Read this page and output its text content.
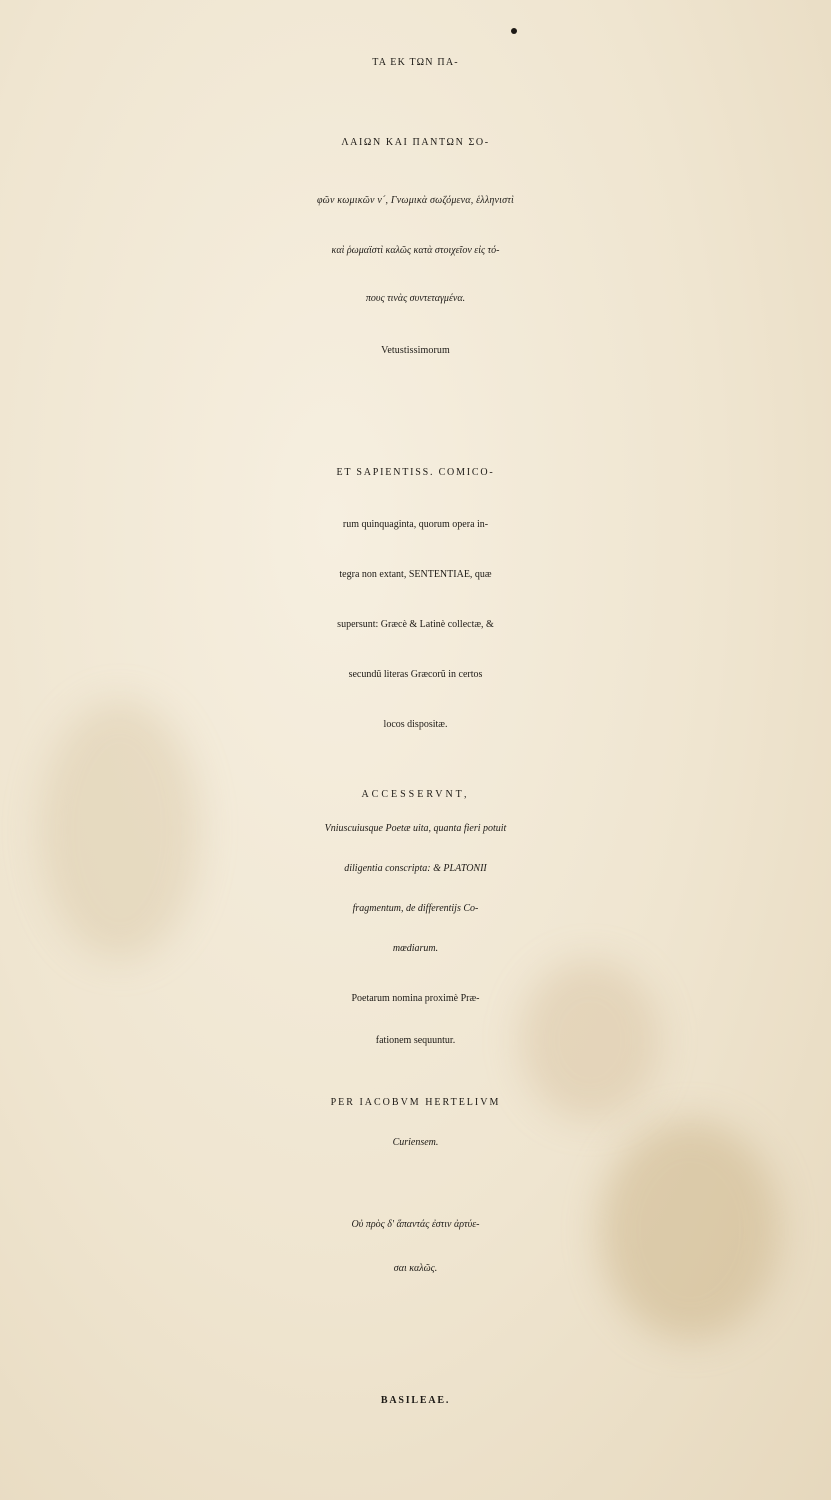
ΤΑ ΕΚ ΤΩΝ ΠΑ-
ΛΑΙΩΝ ΚΑΙ ΠΑΝΤΩΝ ΣΟ-
φῶν κωμικῶν ν´, Γνωμικὰ σωζόμενα, ἑλληνιστὶ
καὶ ῥωμαϊστὶ καλῶς κατὰ στοιχεῖον εἰς τό-
πους τινὰς συντεταγμένα.
Vetustissimorum
ET SAPIENTISS. COMICO-
rum quinquaginta, quorum opera in-
tegra non extant, SENTENTIAE, quæ
supersunt: Græcè & Latinè collectæ, &
secundũ literas Græcorũ in certos
locos dispositæ.
ACCESSERVNT,
Vniuscuiusque Poetæ uita, quanta fieri potuit
diligentia conscripta: & PLATONII
fragmentum, de differentijs Co-
mœdiarum.
Poetarum nomina proximè Præ-
fationem sequuntur.
PER IACOBVM HERTELIVM
Curiensem.
Οὐ πρὸς δ' ἅπαντάς ἐστιν ἀρτύε-
σαι καλῶς.
BASILEAE.
